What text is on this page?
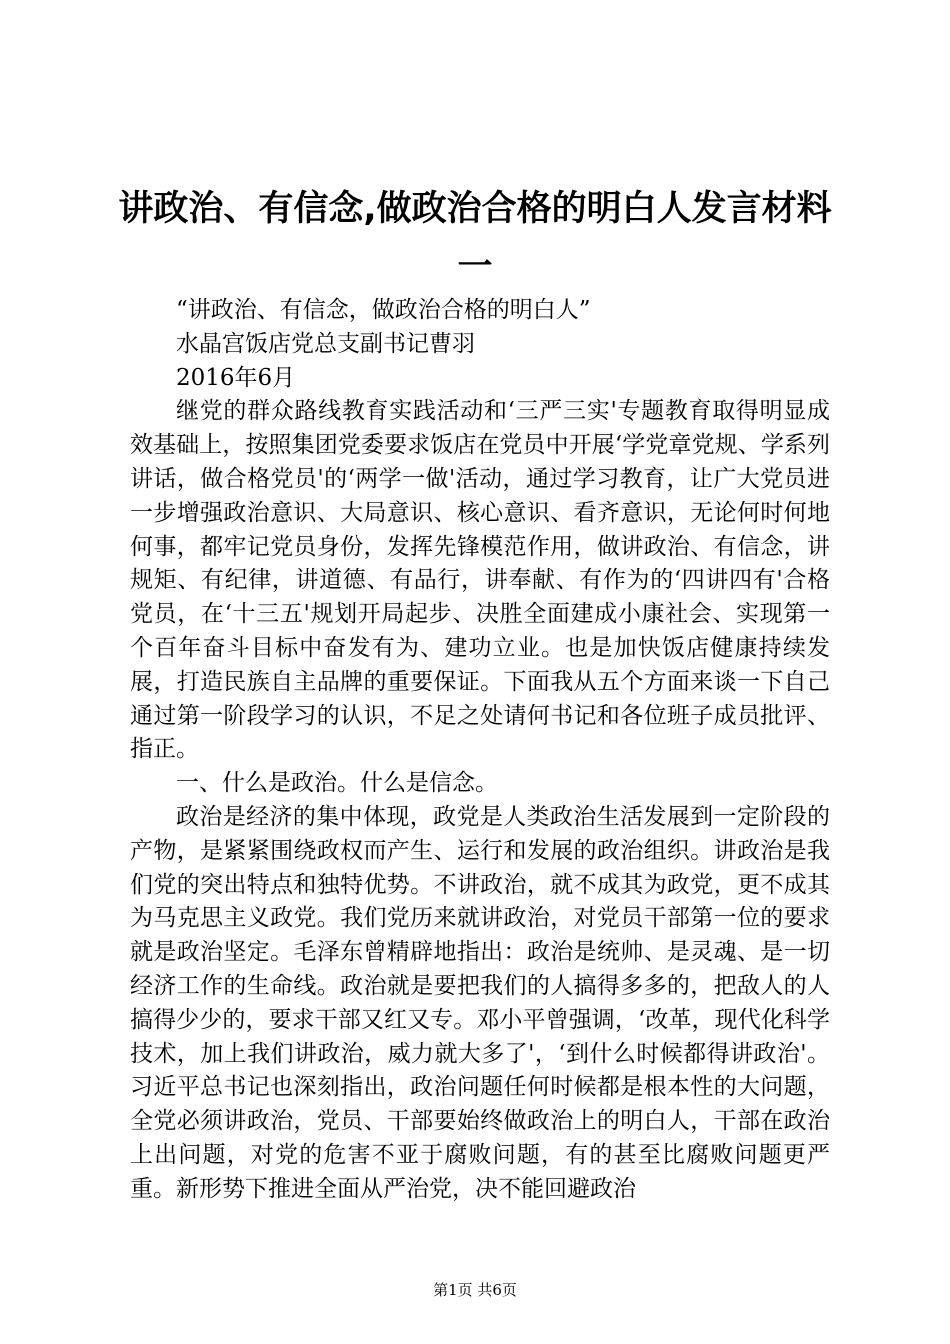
讲政治、有信念,做政治合格的明白人发言材料一

“讲政治、有信念，做政治合格的明白人”

水晶宫饭店党总支副书记曹羽

2016年6月

继党的群众路线教育实践活动和‘三严三实'专题教育取得明显成效基础上，按照集团党委要求饭店在党员中开展‘学党章党规、学系列讲话，做合格党员'的‘两学一做'活动，通过学习教育，让广大党员进一步增强政治意识、大局意识、核心意识、看齐意识，无论何时何地何事，都牢记党员身份，发挥先锋模范作用，做讲政治、有信念，讲规矩、有纪律，讲道德、有品行，讲奉献、有作为的‘四讲四有'合格党员，在‘十三五'规划开局起步、决胜全面建成小康社会、实现第一个百年奋斗目标中奋发有为、建功立业。也是加快饭店健康持续发展，打造民族自主品牌的重要保证。下面我从五个方面来谈一下自己通过第一阶段学习的认识，不足之处请何书记和各位班子成员批评、指正。

一、什么是政治。什么是信念。

政治是经济的集中体现，政党是人类政治生活发展到一定阶段的产物，是紧紧围绕政权而产生、运行和发展的政治组织。讲政治是我们党的突出特点和独特优势。不讲政治，就不成其为政党，更不成其为马克思主义政党。我们党历来就讲政治，对党员干部第一位的要求就是政治坚定。毛泽东曾精辟地指出：政治是统帅、是灵魂、是一切经济工作的生命线。政治就是要把我们的人搞得多多的，把敌人的人搞得少少的，要求干部又红又专。邓小平曾强调，‘改革，现代化科学技术，加上我们讲政治，威力就大多了'，‘到什么时候都得讲政治'。习近平总书记也深刻指出，政治问题任何时候都是根本性的大问题，全党必须讲政治，党员、干部要始终做政治上的明白人，干部在政治上出问题，对党的危害不亚于腐败问题，有的甚至比腐败问题更严重。新形势下推进全面从严治党，决不能回避政治

第1页 共6页
